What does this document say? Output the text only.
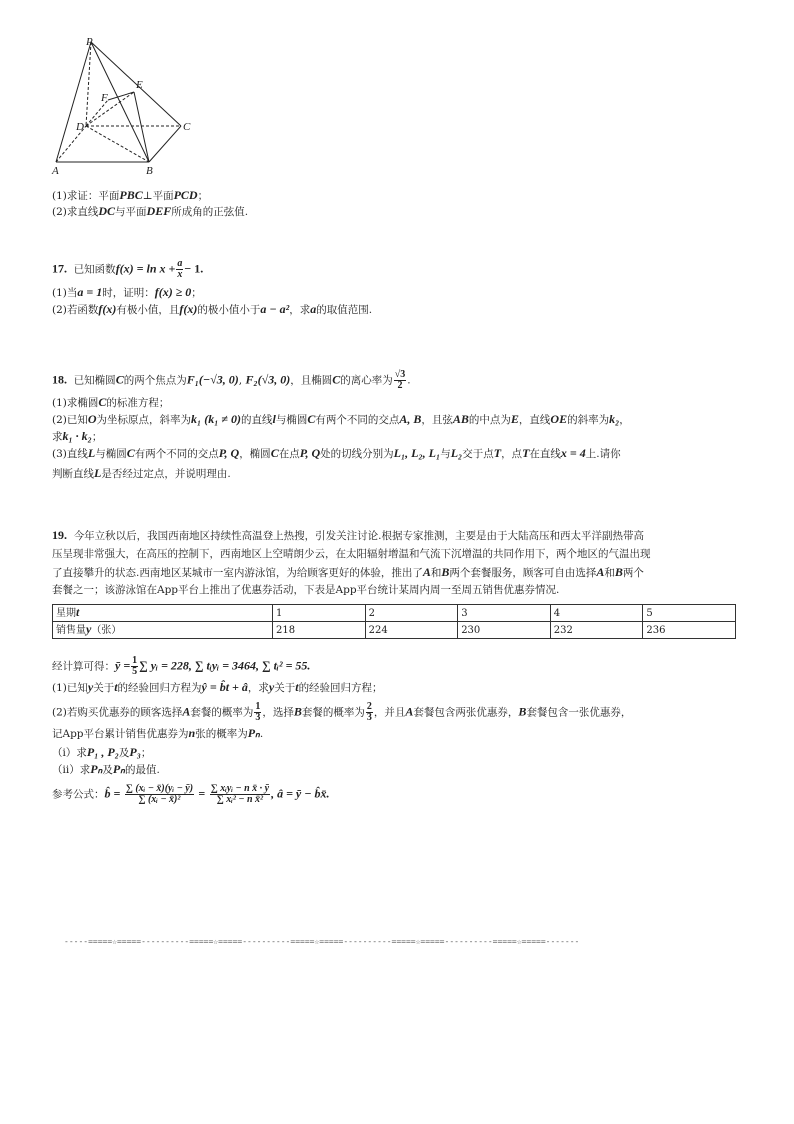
P
E
F
D	C
A	B
(1)求证：平面PBC⊥平面PCD；
(2)求直线DC与平面DEF所成角的正弦值.
17. 已知函数$f(x) = \ln x + \frac{a}{x} - 1$.
(1)当a = 1时，证明：f(x) ≥ 0；
(2)若函数f(x)有极小值，且f(x)的极小值小于a − a²，求a的取值范围.
18. 已知椭圆C的两个焦点为F₁(−√3, 0), F₂(√3, 0)，且椭圆C的离心率为 $\frac{√3}{2}$ .
(1)求椭圆C的标准方程；
(2)已知O为坐标原点，斜率为k₁ (k₁ ≠ 0)的直线l与椭圆C有两个不同的交点A, B，且弦AB的中点为E，直线OE的斜率为k₂，
求k₁ · k₂；
(3)直线L与椭圆C有两个不同的交点P, Q，椭圆C在点P, Q处的切线分别为L₁, L₂, L₁与L₂交于点T，点T在直线x = 4上.请你
判断直线L是否经过定点，并说明理由.
19. 今年立秋以后，我国西南地区持续性高温登上热搜，引发关注讨论.根据专家推测，主要是由于大陆高压和西太平洋副热带高
压呈现非常强大，在高压的控制下，西南地区上空晴朗少云，在太阳辐射增温和气流下沉增温的共同作用下，两个地区的气温出现
了直接攀升的状态.西南地区某城市一室内游泳馆，为给顾客更好的体验，推出了A和B两个套餐服务，顾客可自由选择A和B两个
套餐之一；该游泳馆在App平台上推出了优惠券活动，下表是App平台统计某周内周一至周五销售优惠券情况.
星期t	1	2	3	4	5
销售量y（张）	218	224	230	232	236
经计算可得：ȳ = $\frac{1}{5}$ ∑ yᵢ = 228, ∑ tᵢyᵢ = 3464, ∑ tᵢ² = 55.
(1)已知y关于t的经验回归方程为ŷ = b̂t + â，求y关于t的经验回归方程；
(2)若购买优惠券的顾客选择A套餐的概率为 $\frac{1}{3}$ ，选择B套餐的概率为 $\frac{2}{3}$ ，并且A套餐包含两张优惠券，B套餐包含一张优惠券，
记App平台累计销售优惠券为n张的概率为Pₙ.
（i）求P₁ , P₂及P₃；
（ii）求Pₙ及Pₙ的最值.
参考公式：b̂ = $\frac{\text{∑ (xᵢ − x̄)(yᵢ − ȳ)}}{\text{∑ (xᵢ − x̄)²}} = \frac{\text{∑ xᵢyᵢ − n x̄ · ȳ}}{\text{∑ xᵢ² − n x̄²}}$ , â = ȳ − b̂x̄.
-----=====☆=====----------=====☆=====----------=====☆=====----------=====☆=====----------=====☆=====-------
